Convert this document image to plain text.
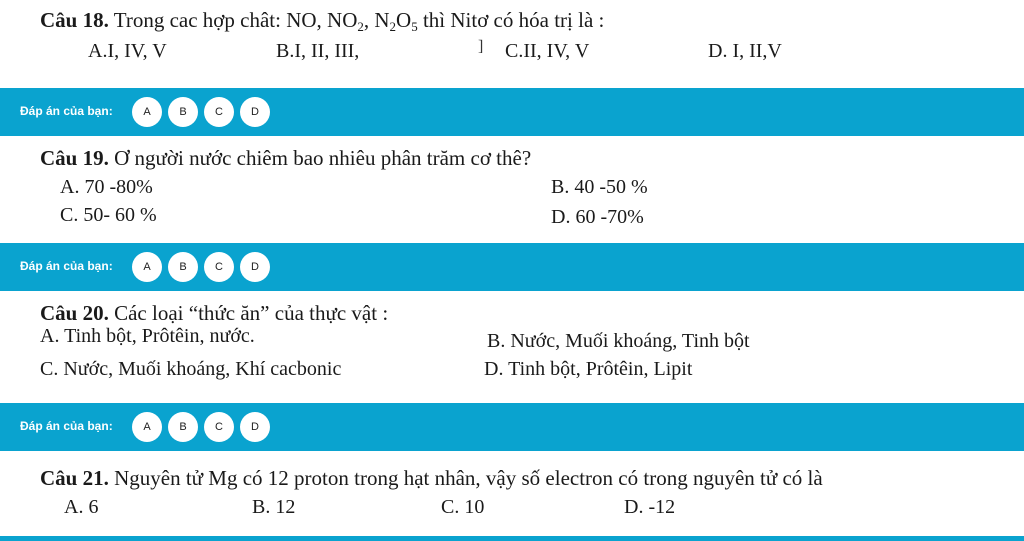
Câu 18. Trong cac hợp chât: NO, $NO_2$, $N_2O_5$ thì Nitơ có hóa trị là :
A.I, IV, V	B.I, II, III,	] C.II, IV, V	D. I, II,V
Đáp án của bạn:	A	B	C	D
Câu 19. Ơ người nước chiêm bao nhiêu phân trăm cơ thê?
A. 70 -80%	B. 40 -50 %
C. 50- 60 %	D. 60 -70%
Đáp án của bạn:	A	B	C	D
Câu 20. Các loại “thức ăn” của thực vật :
A. Tinh bột, Prôtêin, nước.	B. Nước, Muối khoáng, Tinh bột
C. Nước, Muối khoáng, Khí cacbonic	D. Tinh bột, Prôtêin, Lipit
Đáp án của bạn:	A	B	C	D
Câu 21. Nguyên tử Mg có 12 proton trong hạt nhân, vậy số electron có trong nguyên tử có là
A. 6	B. 12	C. 10	D. -12
